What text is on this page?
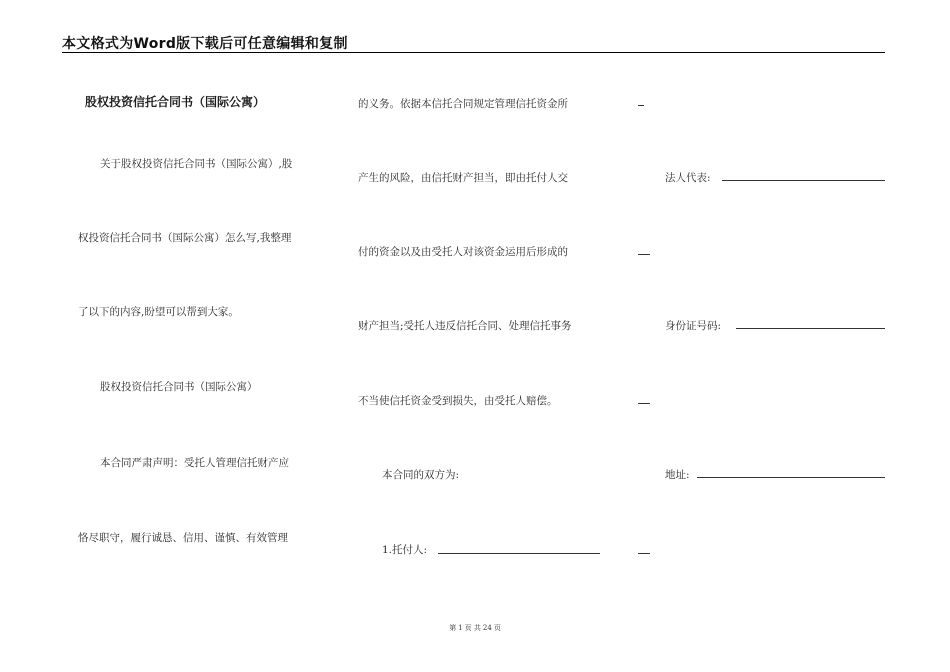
本文格式为Word版下载后可任意编辑和复制
股权投资信托合同书（国际公寓）
关于股权投资信托合同书（国际公寓）,股
权投资信托合同书（国际公寓）怎么写,我整理
了以下的内容,盼望可以帮到大家。
股权投资信托合同书（国际公寓）
本合同严肃声明：受托人管理信托财产应
恪尽职守，履行诚恳、信用、谨慎、有效管理
的义务。依据本信托合同规定管理信托资金所
产生的风险，由信托财产担当，即由托付人交
付的资金以及由受托人对该资金运用后形成的
财产担当;受托人违反信托合同、处理信托事务
不当使信托资金受到损失，由受托人赔偿。
本合同的双方为:
1.托付人:
法人代表:
身份证号码:
地址:
第 1 页 共 24 页
